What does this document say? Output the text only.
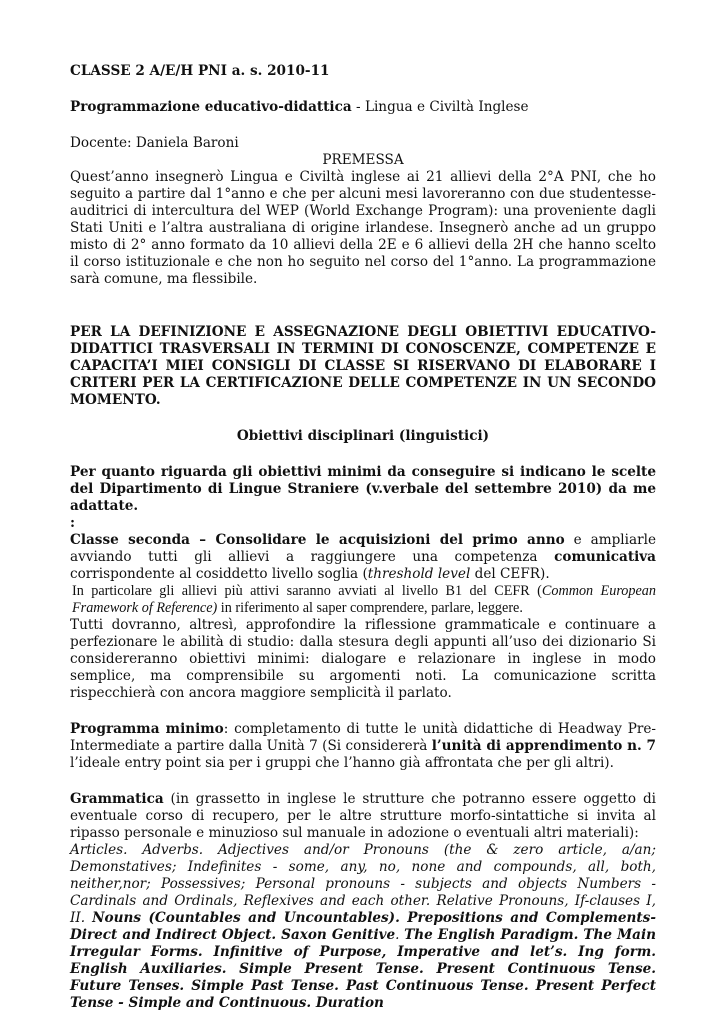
CLASSE 2 A/E/H PNI a. s. 2010-11

Programmazione educativo-didattica - Lingua e Civiltà Inglese

Docente: Daniela Baroni

PREMESSA

Quest’anno insegnerò Lingua e Civiltà inglese ai 21 allievi della 2°A PNI, che ho seguito a partire dal 1°anno e che per alcuni mesi lavoreranno con due studentesse-auditrici di intercultura del WEP (World Exchange Program): una proveniente dagli Stati Uniti e l’altra australiana di origine irlandese. Insegnerò anche ad un gruppo misto di 2° anno formato da 10 allievi della 2E e 6 allievi della 2H che hanno scelto il corso istituzionale e che non ho seguito nel corso del 1°anno. La programmazione sarà comune, ma flessibile.

PER LA DEFINIZIONE E ASSEGNAZIONE DEGLI OBIETTIVI EDUCATIVO-DIDATTICI TRASVERSALI IN TERMINI DI CONOSCENZE, COMPETENZE E CAPACITA’I MIEI CONSIGLI DI CLASSE SI RISERVANO DI ELABORARE I CRITERI PER LA CERTIFICAZIONE DELLE COMPETENZE IN UN SECONDO MOMENTO.

Obiettivi disciplinari (linguistici)

Per quanto riguarda gli obiettivi minimi da conseguire si indicano le scelte del Dipartimento di Lingue Straniere (v.verbale del settembre 2010) da me adattate.

:

Classe seconda – Consolidare le acquisizioni del primo anno e ampliarle avviando tutti gli allievi a raggiungere una competenza comunicativa corrispondente al cosiddetto livello soglia (threshold level del CEFR).

In particolare gli allievi più attivi saranno avviati al livello B1 del CEFR (Common European Framework of Reference) in riferimento al saper comprendere, parlare, leggere.

Tutti dovranno, altresì, approfondire la riflessione grammaticale e continuare a perfezionare le abilità di studio: dalla stesura degli appunti all’uso dei dizionario Si considereranno obiettivi minimi: dialogare e relazionare in inglese in modo semplice, ma comprensibile su argomenti noti. La comunicazione scritta rispecchierà con ancora maggiore semplicità il parlato.

Programma minimo: completamento di tutte le unità didattiche di Headway Pre-Intermediate a partire dalla Unità 7 (Si considererà l’unità di apprendimento n. 7 l’ideale entry point sia per i gruppi che l’hanno già affrontata che per gli altri).

Grammatica (in grassetto in inglese le strutture che potranno essere oggetto di eventuale corso di recupero, per le altre strutture morfo-sintattiche si invita al ripasso personale e minuzioso sul manuale in adozione o eventuali altri materiali):

Articles. Adverbs. Adjectives and/or Pronouns (the & zero article, a/an; Demonstatives; Indefinites - some, any, no, none and compounds, all, both, neither,nor; Possessives; Personal pronouns - subjects and objects Numbers - Cardinals and Ordinals, Reflexives and each other. Relative Pronouns, If-clauses I, II. Nouns (Countables and Uncountables). Prepositions and Complements- Direct and Indirect Object. Saxon Genitive. The English Paradigm. The Main Irregular Forms. Infinitive of Purpose, Imperative and let’s. Ing form. English Auxiliaries. Simple Present Tense. Present Continuous Tense. Future Tenses. Simple Past Tense. Past Continuous Tense. Present Perfect Tense - Simple and Continuous. Duration
